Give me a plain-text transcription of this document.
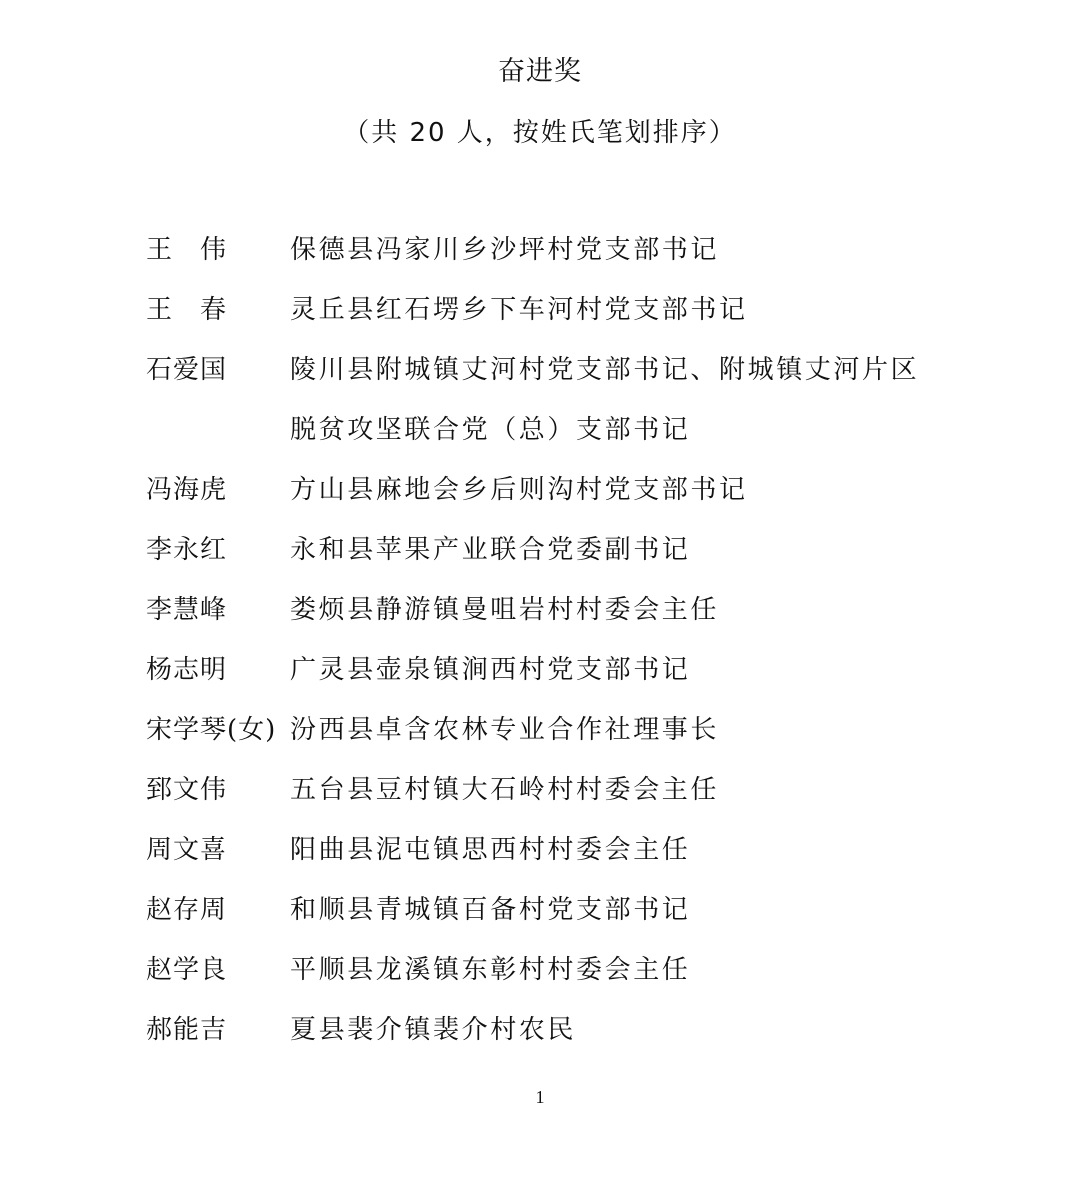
奋进奖
（共 20 人，按姓氏笔划排序）
王　伟	保德县冯家川乡沙坪村党支部书记
王　春	灵丘县红石塄乡下车河村党支部书记
石爱国	陵川县附城镇丈河村党支部书记、附城镇丈河片区
脱贫攻坚联合党（总）支部书记
冯海虎	方山县麻地会乡后则沟村党支部书记
李永红	永和县苹果产业联合党委副书记
李慧峰	娄烦县静游镇曼咀岩村村委会主任
杨志明	广灵县壶泉镇涧西村党支部书记
宋学琴(女) 汾西县卓含农林专业合作社理事长
郅文伟	五台县豆村镇大石岭村村委会主任
周文喜	阳曲县泥屯镇思西村村委会主任
赵存周	和顺县青城镇百备村党支部书记
赵学良	平顺县龙溪镇东彰村村委会主任
郝能吉	夏县裴介镇裴介村农民
1
